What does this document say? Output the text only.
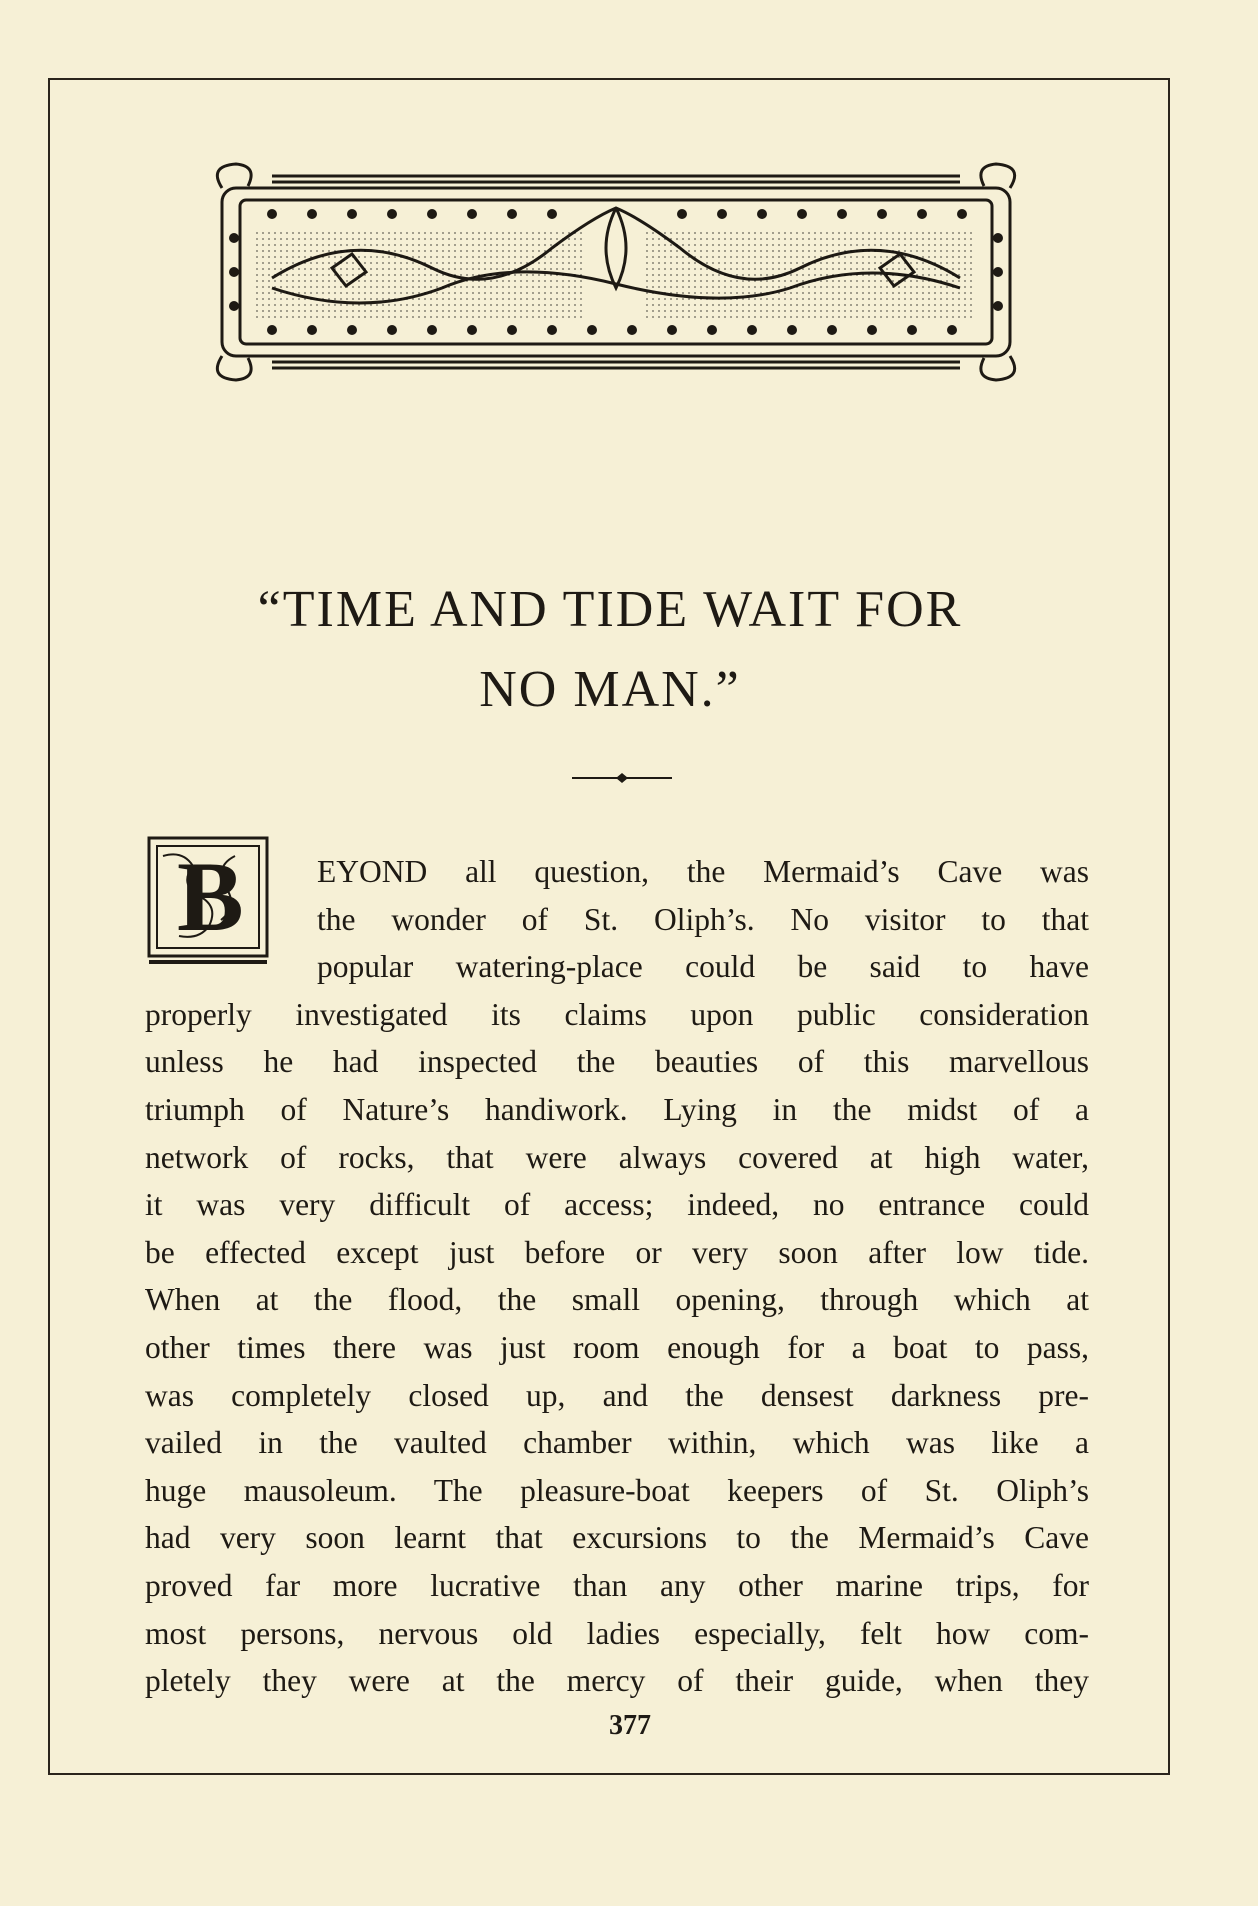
“TIME AND TIDE WAIT FOR
NO MAN.”
B	EYOND all question, the Mermaid’s Cave was
the wonder of St. Oliph’s. No visitor to that
popular watering-place could be said to have
properly investigated its claims upon public consideration
unless he had inspected the beauties of this marvellous
triumph of Nature’s handiwork. Lying in the midst of a
network of rocks, that were always covered at high water,
it was very difficult of access; indeed, no entrance could
be effected except just before or very soon after low tide.
When at the flood, the small opening, through which at
other times there was just room enough for a boat to pass,
was completely closed up, and the densest darkness pre-
vailed in the vaulted chamber within, which was like a
huge mausoleum. The pleasure-boat keepers of St. Oliph’s
had very soon learnt that excursions to the Mermaid’s Cave
proved far more lucrative than any other marine trips, for
most persons, nervous old ladies especially, felt how com-
pletely they were at the mercy of their guide, when they
377
